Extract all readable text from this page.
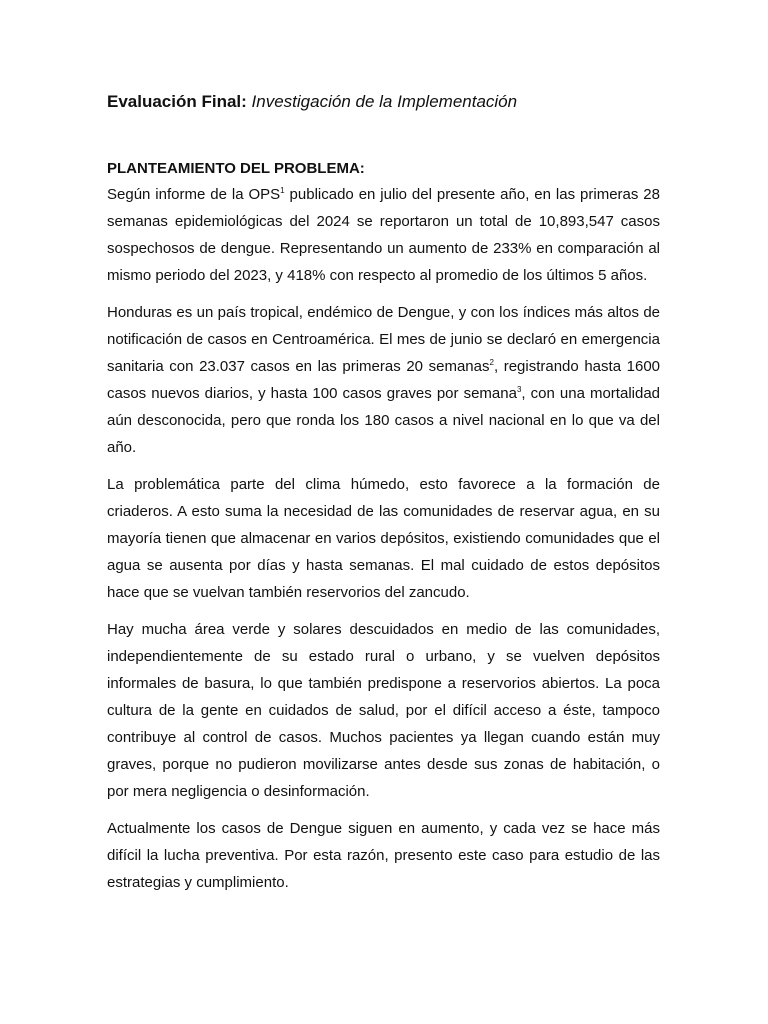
Evaluación Final: Investigación de la Implementación
PLANTEAMIENTO DEL PROBLEMA:

Según informe de la OPS$^1$ publicado en julio del presente año, en las primeras 28 semanas epidemiológicas del 2024 se reportaron un total de 10,893,547 casos sospechosos de dengue. Representando un aumento de 233% en comparación al mismo periodo del 2023, y 418% con respecto al promedio de los últimos 5 años.

Honduras es un país tropical, endémico de Dengue, y con los índices más altos de notificación de casos en Centroamérica. El mes de junio se declaró en emergencia sanitaria con 23.037 casos en las primeras 20 semanas$^2$, registrando hasta 1600 casos nuevos diarios, y hasta 100 casos graves por semana$^3$, con una mortalidad aún desconocida, pero que ronda los 180 casos a nivel nacional en lo que va del año.

La problemática parte del clima húmedo, esto favorece a la formación de criaderos. A esto suma la necesidad de las comunidades de reservar agua, en su mayoría tienen que almacenar en varios depósitos, existiendo comunidades que el agua se ausenta por días y hasta semanas. El mal cuidado de estos depósitos hace que se vuelvan también reservorios del zancudo.

Hay mucha área verde y solares descuidados en medio de las comunidades, independientemente de su estado rural o urbano, y se vuelven depósitos informales de basura, lo que también predispone a reservorios abiertos. La poca cultura de la gente en cuidados de salud, por el difícil acceso a éste, tampoco contribuye al control de casos. Muchos pacientes ya llegan cuando están muy graves, porque no pudieron movilizarse antes desde sus zonas de habitación, o por mera negligencia o desinformación.

Actualmente los casos de Dengue siguen en aumento, y cada vez se hace más difícil la lucha preventiva. Por esta razón, presento este caso para estudio de las estrategias y cumplimiento.
